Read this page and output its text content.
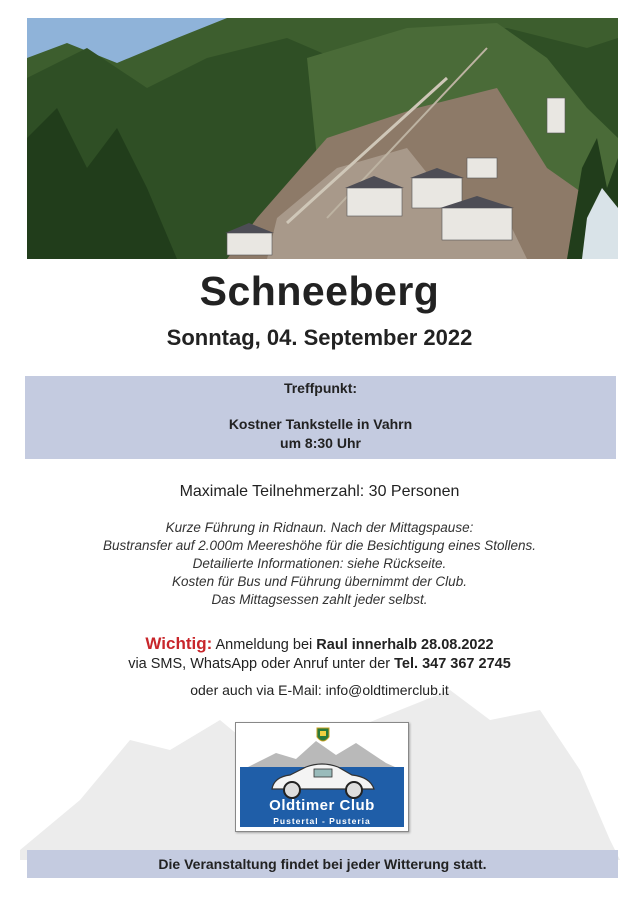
Schneeberg
Sonntag, 04. September 2022
Treffpunkt:
Kostner Tankstelle in Vahrn
um 8:30 Uhr
Maximale Teilnehmerzahl: 30 Personen
Kurze Führung in Ridnaun. Nach der Mittagspause:
Bustransfer auf 2.000m Meereshöhe für die Besichtigung eines Stollens.
Detailierte Informationen: siehe Rückseite.
Kosten für Bus und Führung übernimmt der Club.
Das Mittagsessen zahlt jeder selbst.
Wichtig: Anmeldung bei Raul innerhalb 28.08.2022
via SMS, WhatsApp oder Anruf unter der Tel. 347 367 2745
oder auch via E-Mail: info@oldtimerclub.it
Oldtimer Club
Pustertal - Pusteria
Die Veranstaltung findet bei jeder Witterung statt.
